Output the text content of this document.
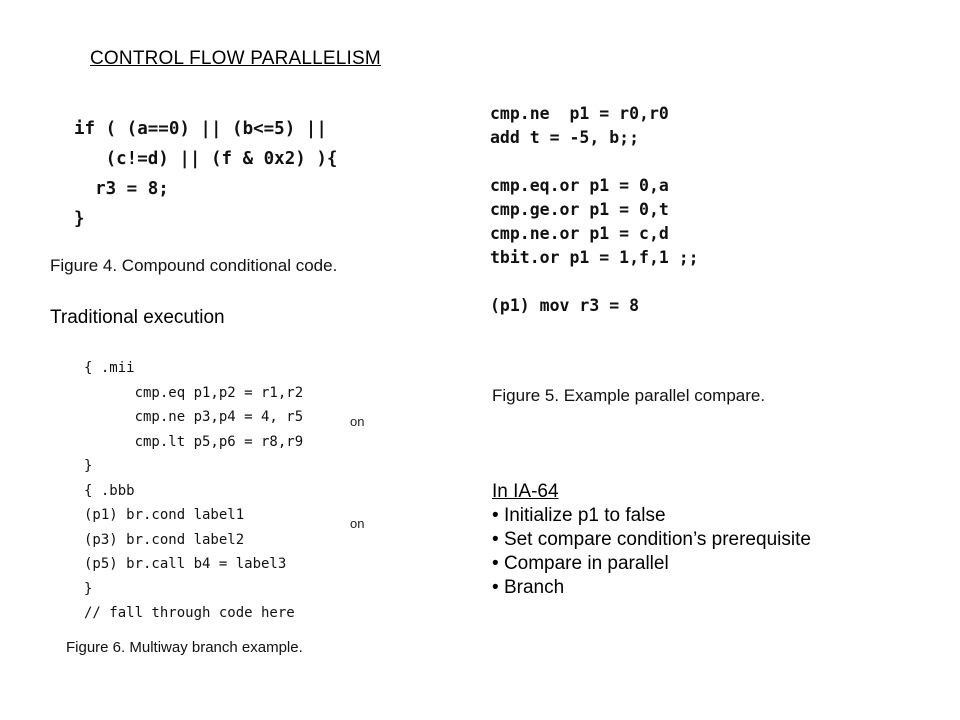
CONTROL FLOW PARALLELISM
if ( (a==0) || (b<=5) ||
(c!=d) || (f & 0x2) ){
r3 = 8;
}
Figure 4. Compound conditional code.
cmp.ne  p1 = r0,r0
add t = -5, b;;

cmp.eq.or p1 = 0,a
cmp.ge.or p1 = 0,t
cmp.ne.or p1 = c,d
tbit.or p1 = 1,f,1 ;;

(p1) mov r3 = 8
Figure 5. Example parallel compare.
Traditional execution
on
on
{ .mii
cmp.eq p1,p2 = r1,r2
cmp.ne p3,p4 = 4, r5
cmp.lt p5,p6 = r8,r9
}
{ .bbb
(p1) br.cond label1
(p3) br.cond label2
(p5) br.call b4 = label3
}
// fall through code here
Figure 6. Multiway branch example.
In IA-64
• Initialize p1 to false
• Set compare condition’s prerequisite
• Compare in parallel
• Branch
